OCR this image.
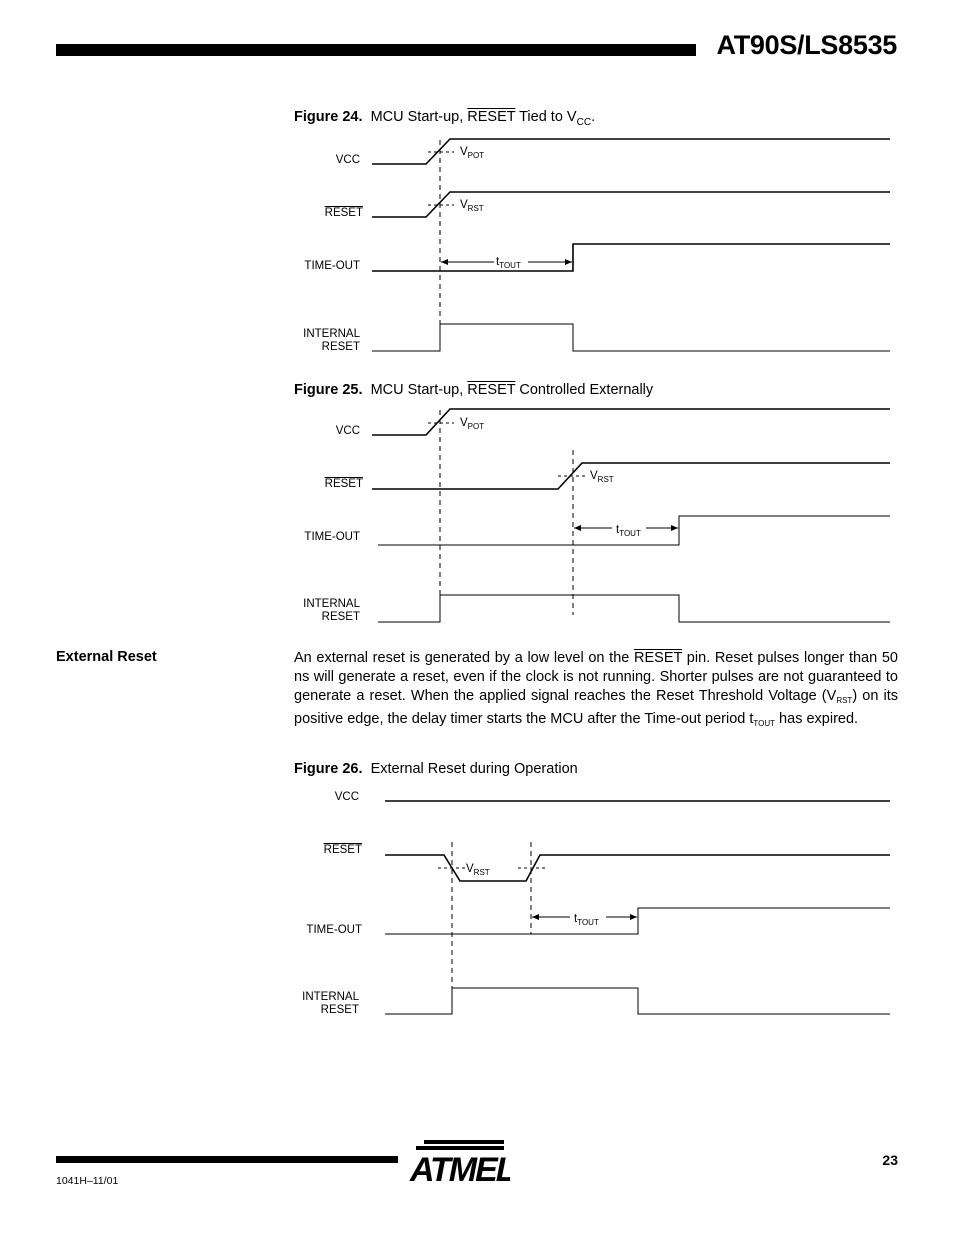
AT90S/LS8535
Figure 24. MCU Start-up, RESET Tied to $V_{CC}$.
VCC
RESET
TIME-OUT
INTERNAL
RESET
$V_{POT}$
$V_{RST}$
$t_{TOUT}$
Figure 25. MCU Start-up, RESET Controlled Externally
VCC
RESET
TIME-OUT
INTERNAL
RESET
$V_{POT}$
$V_{RST}$
$t_{TOUT}$
External Reset	An external reset is generated by a low level on the RESET pin. Reset pulses longer than 50 ns will generate a reset, even if the clock is not running. Shorter pulses are not guaranteed to generate a reset. When the applied signal reaches the Reset Threshold Voltage $(V_{RST})$ on its positive edge, the delay timer starts the MCU after the Time-out period $t_{TOUT}$ has expired.
Figure 26. External Reset during Operation
VCC
RESET
TIME-OUT
INTERNAL
RESET
$V_{RST}$
$t_{TOUT}$
ATMEL	23
1041H–11/01
